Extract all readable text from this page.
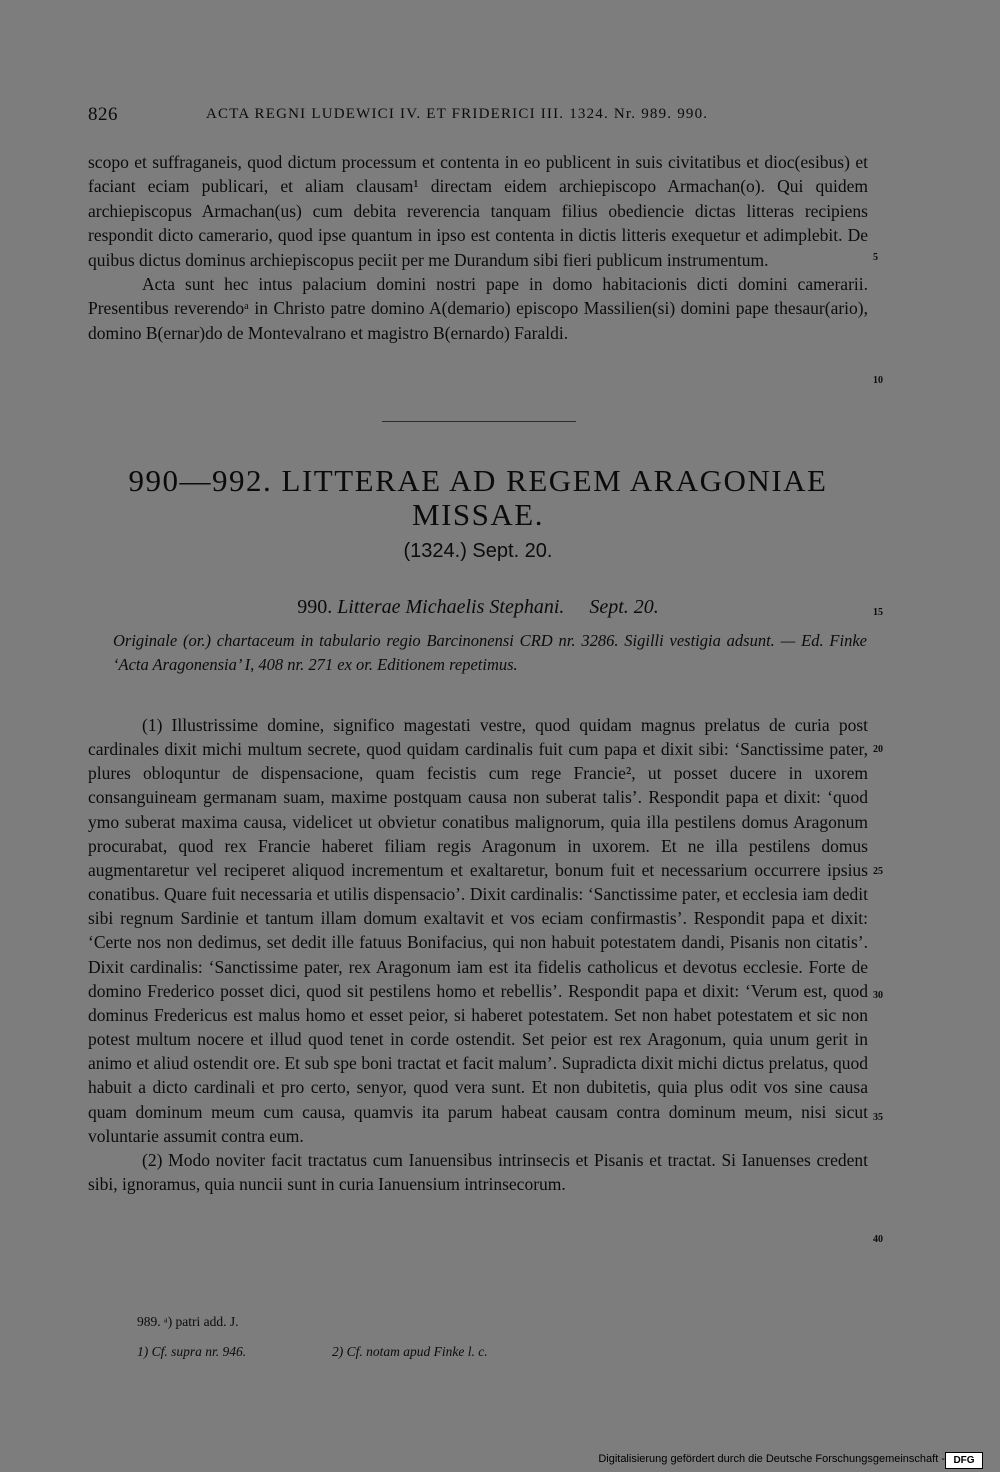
826	ACTA REGNI LUDEWICI IV. ET FRIDERICI III. 1324. Nr. 989. 990.

scopo et suffraganeis, quod dictum processum et contenta in eo publicent in suis civitatibus et dioc(esibus) et faciant eciam publicari, et aliam clausam¹ directam eidem archiepiscopo Armachan(o). Qui quidem archiepiscopus Armachan(us) cum debita reverencia tanquam filius obediencie dictas litteras recipiens respondit dicto camerario, quod ipse quantum in ipso est contenta in dictis litteris exequetur et adimplebit. De quibus dictus dominus archiepiscopus peciit per me Durandum sibi fieri publicum instrumentum.

Acta sunt hec intus palacium domini nostri pape in domo habitacionis dicti domini camerarii. Presentibus reverendoᵃ in Christo patre domino A(demario) episcopo Massilien(si) domini pape thesaur(ario), domino B(ernar)do de Montevalrano et magistro B(ernardo) Faraldi.

5
10
990—992. LITTERAE AD REGEM ARAGONIAE MISSAE.
(1324.) Sept. 20.
990. Litterae Michaelis Stephani. Sept. 20.	15
Originale (or.) chartaceum in tabulario regio Barcinonensi CRD nr. 3286. Sigilli vestigia adsunt. — Ed. Finke ‘Acta Aragonensia’ I, 408 nr. 271 ex or. Editionem repetimus.

(1) Illustrissime domine, significo magestati vestre, quod quidam magnus prelatus de curia post cardinales dixit michi multum secrete, quod quidam cardinalis fuit cum papa et dixit sibi: ‘Sanctissime pater, plures obloquntur de dispensacione, quam fecistis cum rege Francie², ut posset ducere in uxorem consanguineam germanam suam, maxime postquam causa non suberat talis’. Respondit papa et dixit: ‘quod ymo suberat maxima causa, videlicet ut obvietur conatibus malignorum, quia illa pestilens domus Aragonum procurabat, quod rex Francie haberet filiam regis Aragonum in uxorem. Et ne illa pestilens domus augmentaretur vel reciperet aliquod incrementum et exaltaretur, bonum fuit et necessarium occurrere ipsius conatibus. Quare fuit necessaria et utilis dispensacio’. Dixit cardinalis: ‘Sanctissime pater, et ecclesia iam dedit sibi regnum Sardinie et tantum illam domum exaltavit et vos eciam confirmastis’. Respondit papa et dixit: ‘Certe nos non dedimus, set dedit ille fatuus Bonifacius, qui non habuit potestatem dandi, Pisanis non citatis’. Dixit cardinalis: ‘Sanctissime pater, rex Aragonum iam est ita fidelis catholicus et devotus ecclesie. Forte de domino Frederico posset dici, quod sit pestilens homo et rebellis’. Respondit papa et dixit: ‘Verum est, quod dominus Fredericus est malus homo et esset peior, si haberet potestatem. Set non habet potestatem et sic non potest multum nocere et illud quod tenet in corde ostendit. Set peior est rex Aragonum, quia unum gerit in animo et aliud ostendit ore. Et sub spe boni tractat et facit malum’. Supradicta dixit michi dictus prelatus, quod habuit a dicto cardinali et pro certo, senyor, quod vera sunt. Et non dubitetis, quia plus odit vos sine causa quam dominum meum cum causa, quamvis ita parum habeat causam contra dominum meum, nisi sicut voluntarie assumit contra eum.

(2) Modo noviter facit tractatus cum Ianuensibus intrinsecis et Pisanis et tractat. Si Ianuenses credent sibi, ignoramus, quia nuncii sunt in curia Ianuensium intrinsecorum.

20
25
30
35
40
989. ᵃ) patri add. J.
1) Cf. supra nr. 946.	2) Cf. notam apud Finke l. c.
Digitalisierung gefördert durch die Deutsche Forschungsgemeinschaft - DFG
